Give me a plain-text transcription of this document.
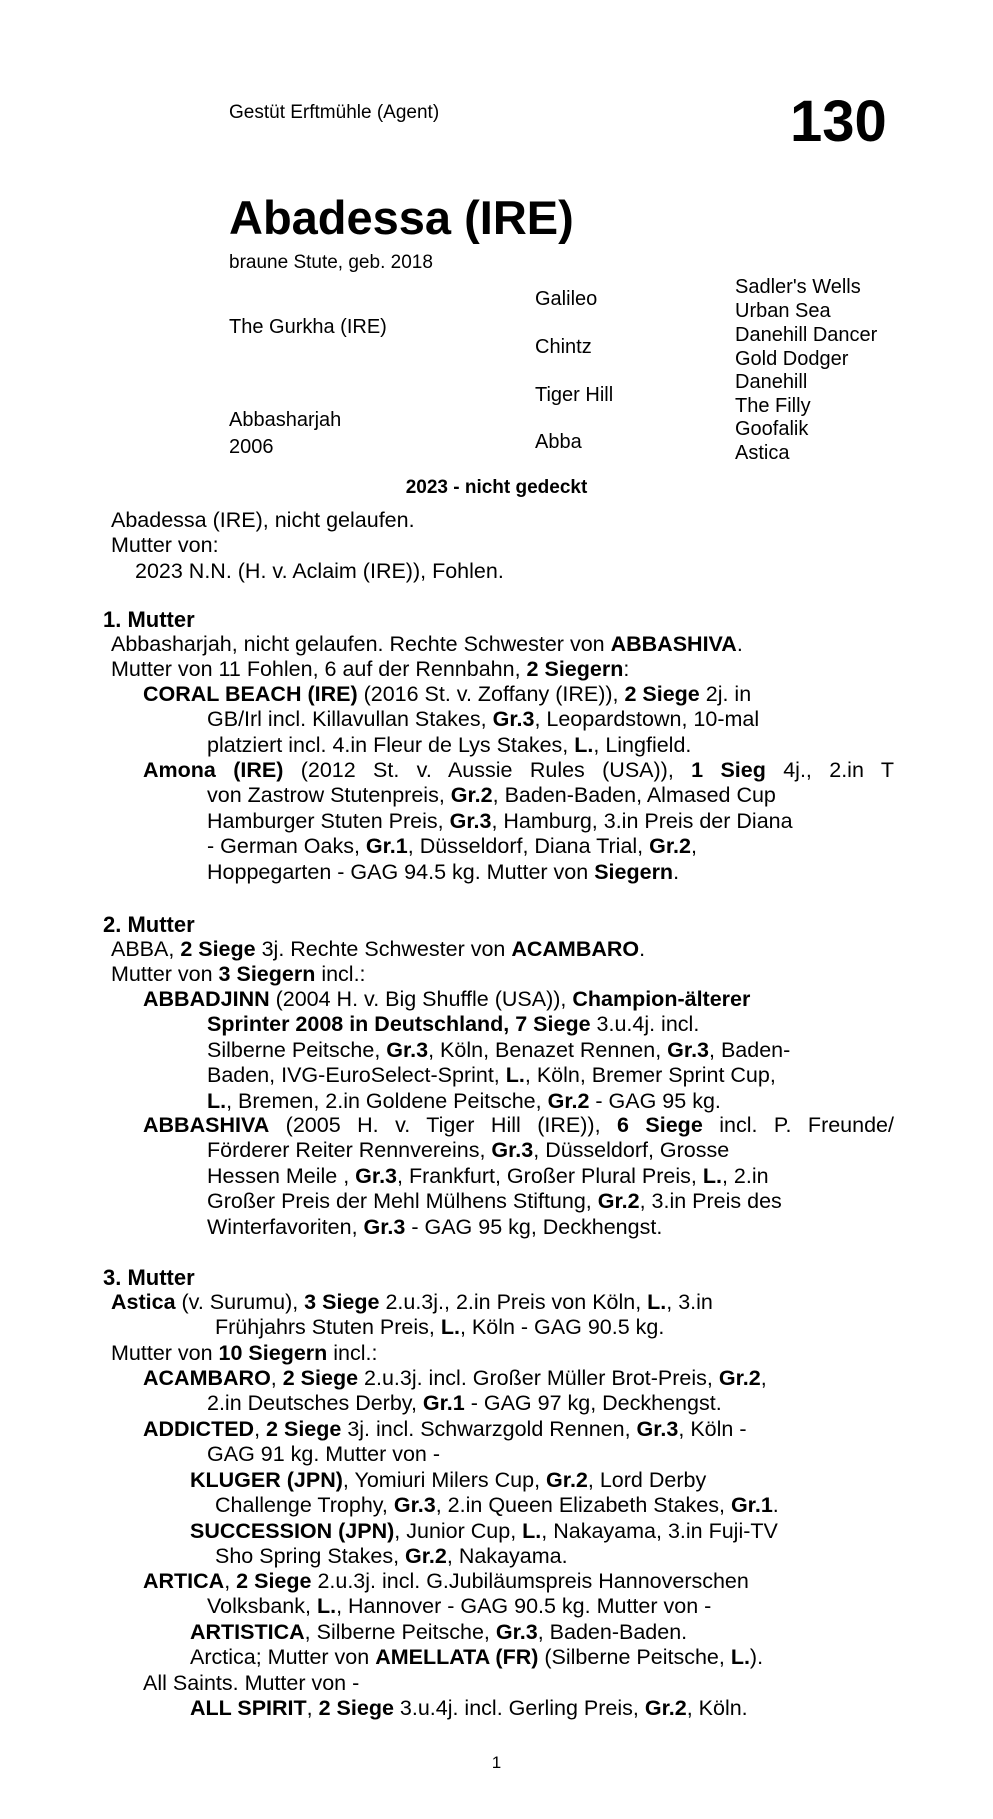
Gestüt Erftmühle (Agent)	130
Abadessa (IRE)
braune Stute, geb. 2018
The Gurkha (IRE)
Abbasharjah
2006
Galileo
Chintz
Tiger Hill
Abba
Sadler's Wells
Urban Sea
Danehill Dancer
Gold Dodger
Danehill
The Filly
Goofalik
Astica
2023 - nicht gedeckt
Abadessa (IRE), nicht gelaufen.
Mutter von:
2023 N.N. (H. v. Aclaim (IRE)), Fohlen.
1. Mutter
Abbasharjah, nicht gelaufen. Rechte Schwester von ABBASHIVA.
Mutter von 11 Fohlen, 6 auf der Rennbahn, 2 Siegern:
CORAL BEACH (IRE) (2016 St. v. Zoffany (IRE)), 2 Siege 2j. in
GB/Irl incl. Killavullan Stakes, Gr.3, Leopardstown, 10-mal
platziert incl. 4.in Fleur de Lys Stakes, L., Lingfield.
Amona (IRE) (2012 St. v. Aussie Rules (USA)), 1 Sieg 4j., 2.in T
von Zastrow Stutenpreis, Gr.2, Baden-Baden, Almased Cup
Hamburger Stuten Preis, Gr.3, Hamburg, 3.in Preis der Diana
- German Oaks, Gr.1, Düsseldorf, Diana Trial, Gr.2,
Hoppegarten - GAG 94.5 kg. Mutter von Siegern.
2. Mutter
ABBA, 2 Siege 3j. Rechte Schwester von ACAMBARO.
Mutter von 3 Siegern incl.:
ABBADJINN (2004 H. v. Big Shuffle (USA)), Champion-älterer
Sprinter 2008 in Deutschland, 7 Siege 3.u.4j. incl.
Silberne Peitsche, Gr.3, Köln, Benazet Rennen, Gr.3, Baden-
Baden, IVG-EuroSelect-Sprint, L., Köln, Bremer Sprint Cup,
L., Bremen, 2.in Goldene Peitsche, Gr.2 - GAG 95 kg.
ABBASHIVA (2005 H. v. Tiger Hill (IRE)), 6 Siege incl. P. Freunde/
Förderer Reiter Rennvereins, Gr.3, Düsseldorf, Grosse
Hessen Meile , Gr.3, Frankfurt, Großer Plural Preis, L., 2.in
Großer Preis der Mehl Mülhens Stiftung, Gr.2, 3.in Preis des
Winterfavoriten, Gr.3 - GAG 95 kg, Deckhengst.
3. Mutter
Astica (v. Surumu), 3 Siege 2.u.3j., 2.in Preis von Köln, L., 3.in
Frühjahrs Stuten Preis, L., Köln - GAG 90.5 kg.
Mutter von 10 Siegern incl.:
ACAMBARO, 2 Siege 2.u.3j. incl. Großer Müller Brot-Preis, Gr.2,
2.in Deutsches Derby, Gr.1 - GAG 97 kg, Deckhengst.
ADDICTED, 2 Siege 3j. incl. Schwarzgold Rennen, Gr.3, Köln -
GAG 91 kg. Mutter von -
KLUGER (JPN), Yomiuri Milers Cup, Gr.2, Lord Derby
Challenge Trophy, Gr.3, 2.in Queen Elizabeth Stakes, Gr.1.
SUCCESSION (JPN), Junior Cup, L., Nakayama, 3.in Fuji-TV
Sho Spring Stakes, Gr.2, Nakayama.
ARTICA, 2 Siege 2.u.3j. incl. G.Jubiläumspreis Hannoverschen
Volksbank, L., Hannover - GAG 90.5 kg. Mutter von -
ARTISTICA, Silberne Peitsche, Gr.3, Baden-Baden.
Arctica; Mutter von AMELLATA (FR) (Silberne Peitsche, L.).
All Saints. Mutter von -
ALL SPIRIT, 2 Siege 3.u.4j. incl. Gerling Preis, Gr.2, Köln.
1
